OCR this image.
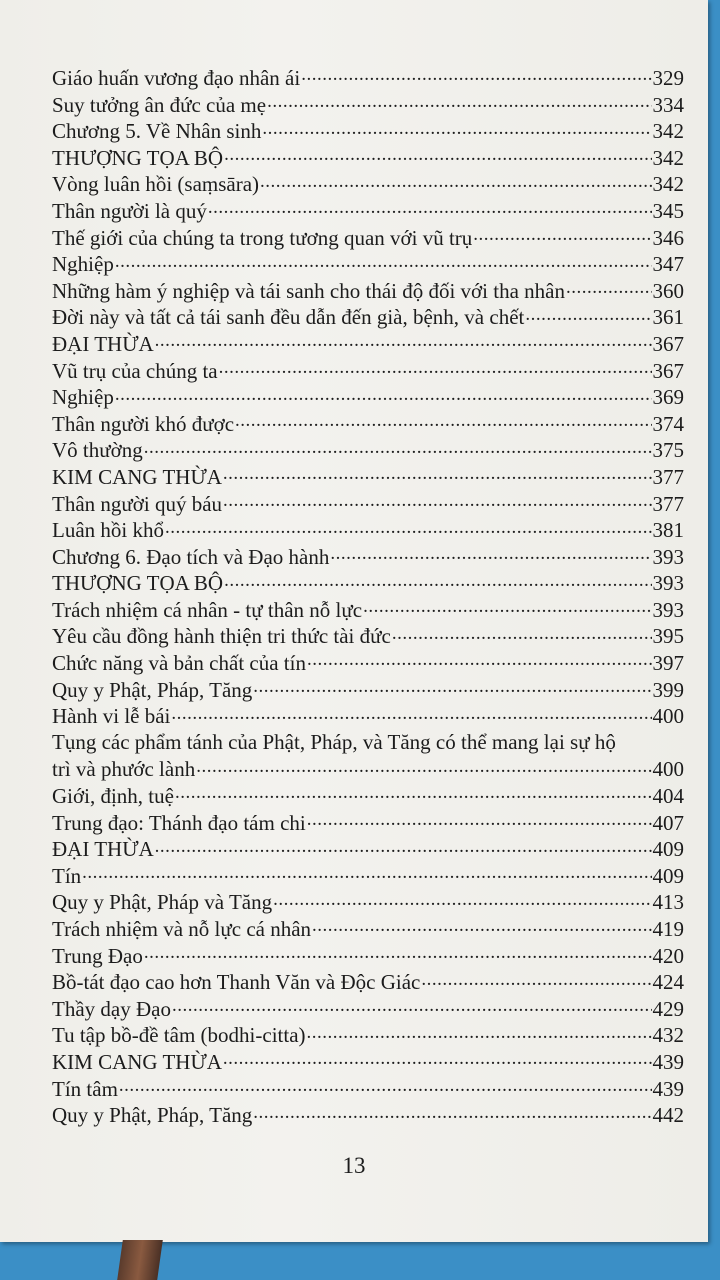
Giáo huấn vương đạo nhân ái .....	329
Suy tưởng ân đức của mẹ .....	334
Chương 5. Về Nhân sinh .....	342
THƯỢNG TỌA BỘ .....	342
Vòng luân hồi (saṃsāra) .....	342
Thân người là quý .....	345
Thế giới của chúng ta trong tương quan với vũ trụ .....	346
Nghiệp .....	347
Những hàm ý nghiệp và tái sanh cho thái độ đối với tha nhân .....	360
Đời này và tất cả tái sanh đều dẫn đến già, bệnh, và chết .....	361
ĐẠI THỪA .....	367
Vũ trụ của chúng ta .....	367
Nghiệp .....	369
Thân người khó được .....	374
Vô thường .....	375
KIM CANG THỪA .....	377
Thân người quý báu .....	377
Luân hồi khổ .....	381
Chương 6. Đạo tích và Đạo hành .....	393
THƯỢNG TỌA BỘ .....	393
Trách nhiệm cá nhân - tự thân nỗ lực .....	393
Yêu cầu đồng hành thiện tri thức tài đức .....	395
Chức năng và bản chất của tín .....	397
Quy y Phật, Pháp, Tăng .....	399
Hành vi lễ bái .....	400
Tụng các phẩm tánh của Phật, Pháp, và Tăng có thể mang lại sự hộ
trì và phước lành .....	400
Giới, định, tuệ .....	404
Trung đạo: Thánh đạo tám chi .....	407
ĐẠI THỪA .....	409
Tín .....	409
Quy y Phật, Pháp và Tăng .....	413
Trách nhiệm và nỗ lực cá nhân .....	419
Trung Đạo .....	420
Bồ-tát đạo cao hơn Thanh Văn và Độc Giác .....	424
Thầy dạy Đạo .....	429
Tu tập bồ-đề tâm (bodhi-citta) .....	432
KIM CANG THỪA .....	439
Tín tâm .....	439
Quy y Phật, Pháp, Tăng .....	442
13
